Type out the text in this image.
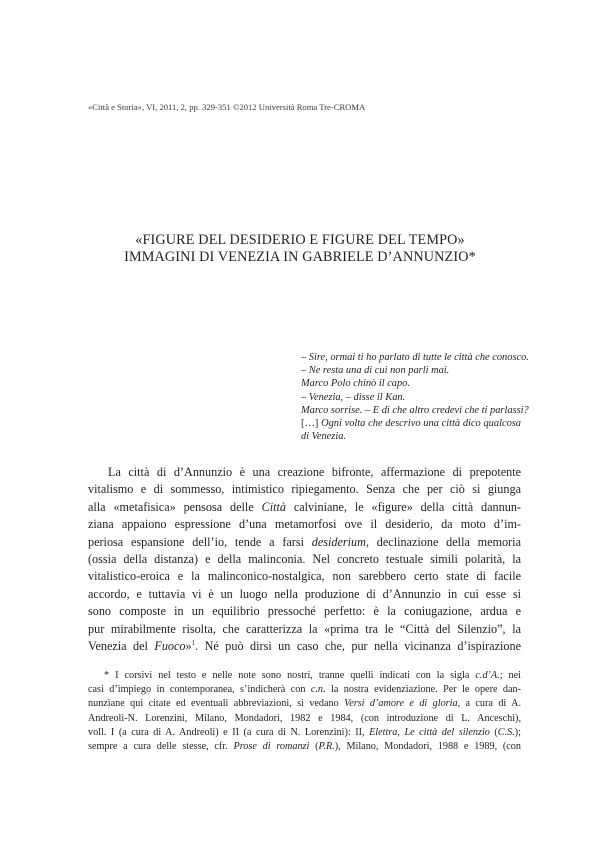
«Città e Storia», VI, 2011, 2, pp. 329-351 ©2012 Università Roma Tre-CROMA
«FIGURE DEL DESIDERIO E FIGURE DEL TEMPO»
IMMAGINI DI VENEZIA IN GABRIELE D’ANNUNZIO*
– Sire, ormai ti ho parlato di tutte le città che conosco.
– Ne resta una di cui non parli mai.
Marco Polo chinò il capo.
– Venezia, – disse il Kan.
Marco sorrise. – E di che altro credevi che ti parlassi?
[…] Ogni volta che descrivo una città dico qualcosa
di Venezia.
La città di d’Annunzio è una creazione bifronte, affermazione di prepotente
vitalismo e di sommesso, intimistico ripiegamento. Senza che per ciò si giunga
alla «metafisica» pensosa delle Città calviniane, le «figure» della città dannun-
ziana appaiono espressione d’una metamorfosi ove il desiderio, da moto d’im-
periosa espansione dell’io, tende a farsi desiderium, declinazione della memoria
(ossia della distanza) e della malinconia. Nel concreto testuale simili polarità, la
vitalistico-eroica e la malinconico-nostalgica, non sarebbero certo state di facile
accordo, e tuttavia vi è un luogo nella produzione di d’Annunzio in cui esse si
sono composte in un equilibrio pressoché perfetto: è la coniugazione, ardua e
pur mirabilmente risolta, che caratterizza la «prima tra le “Città del Silenzio”, la
Venezia del Fuoco»$^1$. Né può dirsi un caso che, pur nella vicinanza d’ispirazione
* I corsivi nel testo e nelle note sono nostri, tranne quelli indicati con la sigla c.d’A.; nei
casi d’impiego in contemporanea, s’indicherà con c.n. la nostra evidenziazione. Per le opere dan-
nunziane qui citate ed eventuali abbreviazioni, si vedano Versi d’amore e di gloria, a cura di A.
Andreoli-N. Lorenzini, Milano, Mondadori, 1982 e 1984, (con introduzione di L. Anceschi),
voll. I (a cura di A. Andreoli) e II (a cura di N. Lorenzini): II, Elettra, Le città del silenzio (C.S.);
sempre a cura delle stesse, cfr. Prose di romanzi (P.R.), Milano, Mondadori, 1988 e 1989, (con
